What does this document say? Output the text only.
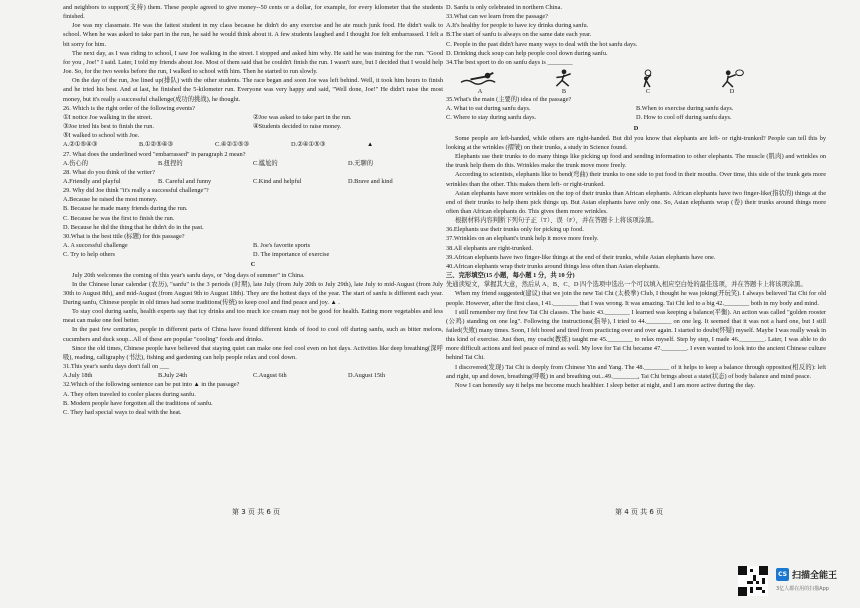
and neighbors to support(支持) them. These people agreed to give money--50 cents or a dollar, for example, for every kilometer that the students finished.

Joe was my classmate. He was the fattest student in my class because he didn't do any exercise and he ate much junk food. He didn't walk to school. When he was asked to take part in the run, he said he would think about it. A few students laughed and I thought Joe felt embarrassed. I felt a bit sorry for him.

The next day, as I was riding to school, I saw Joe walking in the street. I stopped and asked him why. He said he was training for the run. "Good for you , Joe!" I said. Later, I told my friends about Joe. Most of them said that he couldn't finish the run. I wasn't sure, but I decided that I would help Joe. So, for the two weeks before the run, I walked to school with him. Then he started to run slowly.

On the day of the run, Joe lined up(排队) with the other students. The race began and soon Joe was left behind. Well, it took him hours to finish and he tried his best. And at last, he finished the 5-kilometer run. Everyone was very happy and said, "Well done, Joe!" He didn't raise the most money, but it's really a successful challenge(成功的挑战), he thought.

26. Which is the right order of the following events?

①I notice Joe walking in the street.	②Joe was asked to take part in the run.
③Joe tried his best to finish the run.	④Students decided to raise money.
⑤I walked to school with Joe.
A.②①⑤④③	B.①②⑤④③	C.④②①⑤③	D.②④①⑤③	▲

27. What does the underlined word "embarrassed" in paragraph 2 mean?

A.伤心的	B.扭捏的	C.尴尬的	D.无聊的

28. What do you think of the writer?

A.Friendly and playful	B. Careful and funny	C.Kind and helpful	D.Brave and kind

29. Why did Joe think "it's really a successful challenge"?

A.Because he raised the most money.

B. Because he made many friends during the run.

C. Because he was the first to finish the run.

D. Because he did the thing that he didn't do in the past.

30.What is the best title (标题) for this passage?

A. A successful challenge	B. Joe's favorite sports
C. Try to help others	D. The importance of exercise

C

July 20th welcomes the coming of this year's sanfu days, or "dog days of summer" in China.

In the Chinese lunar calendar (农历), "sanfu" is the 3 periods (时期), late July (from July 20th to July 29th), late July to mid-August (from July 30th to August 8th), and mid-August (from August 9th to August 18th). They are the hottest days of the year. The start of sanfu is different each year. During sanfu, Chinese people in old times had some traditions(传统) to keep cool and find peace and joy. ▲ .

To stay cool during sanfu, health experts say that icy drinks and too much ice cream may not be good for health. Eating more vegetables and less meat can make one feel better.

In the past few centuries, people in different parts of China have found different kinds of food to cool off during sanfu, such as bitter melons, cucumbers and duck soup...All of these are popular "cooling" foods and drinks.

Since the old times, Chinese people have believed that staying quiet can make one feel cool even on hot days. Activities like deep breathing(深呼吸), reading, calligraphy (书法), fishing and gardening can help people relax and cool down.

31.This year's sanfu days don't fall on ___

A.July 18th	B.July 24th	C.August 6th	D.August 15th

32.Which of the following sentence can be put into ▲ in the passage?

A. They often traveled to cooler places during sanfu.

B. Modern people have forgotten all the traditions of sanfu.

C. They had special ways to deal with the heat.

D. Sanfu is only celebrated in northern China.

33.What can we learn from the passage?

A.It's healthy for people to have icy drinks during sanfu.

B.The start of sanfu is always on the same date each year.

C. People in the past didn't have many ways to deal with the hot sanfu days.

D. Drinking duck soup can help people cool down during sanfu.

34.The best sport to do on sanfu days is ________

A	B	C	D

35.What's the main (主要的) idea of the passage?

A. What to eat during sanfu days.	B.When to exercise during sanfu days.
C. Where to stay during sanfu days.	D. How to cool off during sanfu days.

D

Some people are left-handed, while others are right-handed. But did you know that elephants are left- or right-trunked? People can tell this by looking at the wrinkles (褶皱) on their trunks, a study in Science found.

Elephants use their trunks to do many things like picking up food and sending information to other elephants. The muscle (肌肉) and wrinkles on the trunk help them do this. Wrinkles make the trunk move more freely.

According to scientists, elephants like to bend(弯曲) their trunks to one side to put food in their mouths. Over time, this side of the trunk gets more wrinkles than the other. This makes them left- or right-trunked.

Asian elephants have more wrinkles on the top of their trunks than African elephants. African elephants have two finger-like(指状的) things at the end of their trunks to help them pick things up. But Asian elephants have only one. So, Asian elephants wrap (卷) their trunks around things more often than African elephants do. This gives them more wrinkles.

根据材料内容判断下列句子正（T）、误（F），并在答题卡上将该项涂黑。

36.Elephants use their trunks only for picking up food.

37.Wrinkles on an elephant's trunk help it move more freely.

38.All elephants are right-trunked.

39.African elephants have two finger-like things at the end of their trunks, while Asian elephants have one.

40.African elephants wrap their trunks around things less often than Asian elephants.

三、完形填空(15 小题，每小题 1 分，共 10 分)

先通读短文，掌握其大意，然后从 A、B、C、D 四个选项中选出一个可以填入相应空白处的最佳选项，并在答题卡上将该项涂黑。

When my friend suggested(建议) that we join the new Tai Chi (太极拳) Club, I thought he was joking(开玩笑). I always believed Tai Chi for old people. However, after the first class, I 41.________ that I was wrong. It was amazing. Tai Chi led to a big 42.________ both in my body and mind.

I still remember my first few Tai Chi classes. The basic 43.________ I learned was keeping a balance(平衡). An action was called "golden rooster (公鸡) standing on one leg". Following the instructions(指导), I tried to 44.________ on one leg. It seemed that it was not a hard one, but I still failed(失败) many times. Soon, I felt bored and tired from practicing over and over again. I started to doubt(怀疑) myself. Maybe I was really weak in this kind of exercise. Just then, my coach(教练) taught me 45.________ to relax myself. Step by step, I made 46.________. Later, I was able to do more difficult actions and feel peace of mind as well. My love for Tai Chi became 47.________. I even wanted to look into the ancient Chinese culture behind Tai Chi.

I discovered(发现) Tai Chi is deeply from Chinese Yin and Yang. The 48.________ of it helps to keep a balance through opposites(相反的): left and right, up and down, breathing(呼吸) in and breathing out...49.________, Tai Chi brings about a state(状态) of body balance and mind peace.

Now I can honestly say it helps me become much healthier. I sleep better at night, and I am more active during the day.

第 3 页 共 6 页	第 4 页 共 6 页
CS 扫描全能王
3亿人都在用的扫描App
